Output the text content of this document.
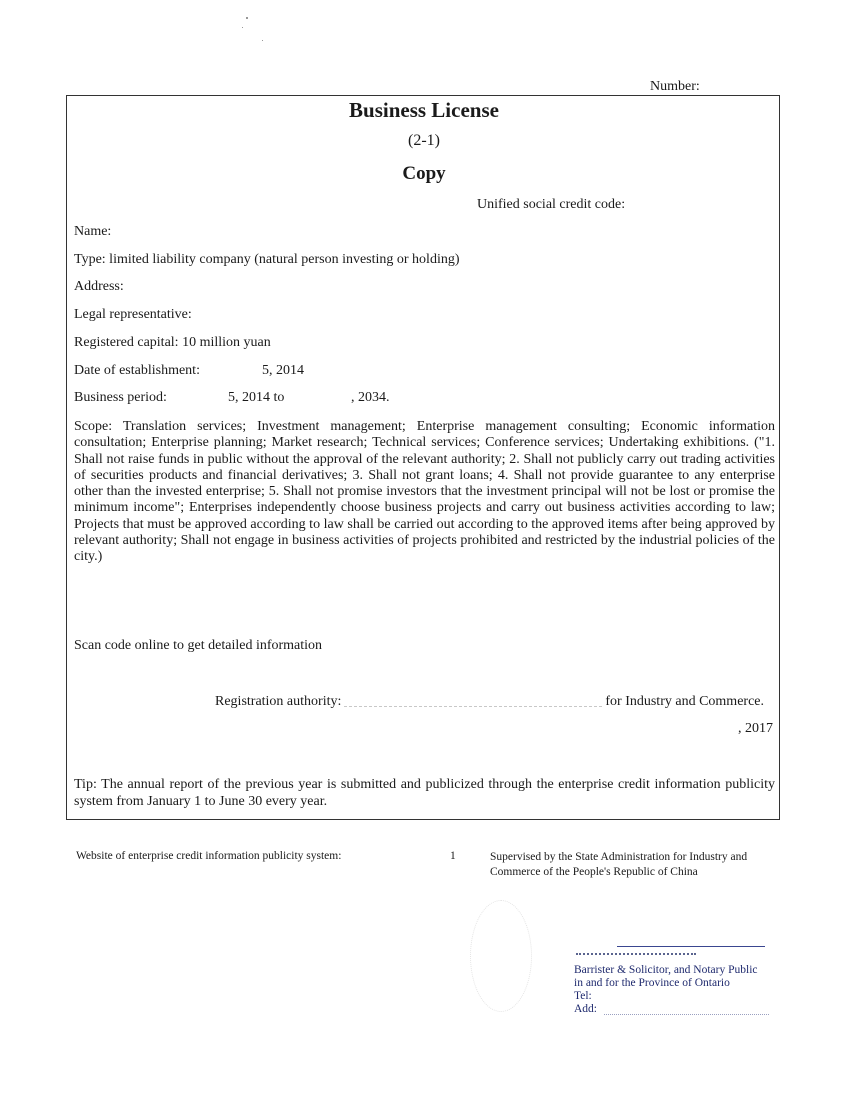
Number:
Business License
(2-1)
Copy
Unified social credit code:
Name:
Type: limited liability company (natural person investing or holding)
Address:
Legal representative:
Registered capital: 10 million yuan
Date of establishment:	5, 2014
Business period:	5, 2014 to	, 2034.
Scope: Translation services; Investment management; Enterprise management consulting; Economic information consultation; Enterprise planning; Market research; Technical services; Conference services; Undertaking exhibitions. ("1. Shall not raise funds in public without the approval of the relevant authority; 2. Shall not publicly carry out trading activities of securities products and financial derivatives; 3. Shall not grant loans; 4. Shall not provide guarantee to any enterprise other than the invested enterprise; 5. Shall not promise investors that the investment principal will not be lost or promise the minimum income"; Enterprises independently choose business projects and carry out business activities according to law; Projects that must be approved according to law shall be carried out according to the approved items after being approved by relevant authority; Shall not engage in business activities of projects prohibited and restricted by the industrial policies of the city.)
Scan code online to get detailed information
Registration authority:	for Industry and Commerce.
, 2017
Tip: The annual report of the previous year is submitted and publicized through the enterprise credit information publicity system from January 1 to June 30 every year.
Website of enterprise credit information publicity system:	1	Supervised by the State Administration for Industry and Commerce of the People's Republic of China
Barrister & Solicitor, and Notary Public
in and for the Province of Ontario
Tel:
Add:
